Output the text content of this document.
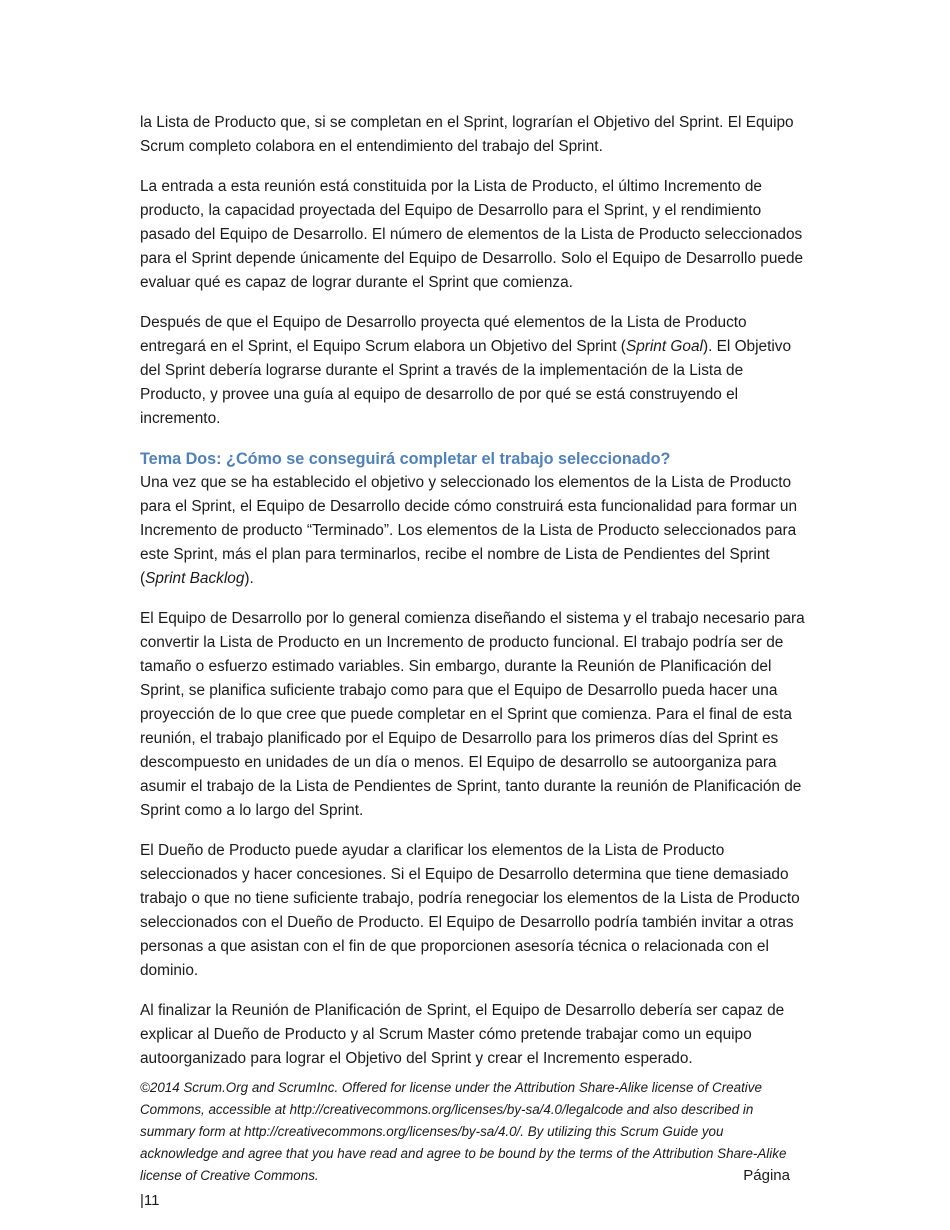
la Lista de Producto que, si se completan en el Sprint, lograrían el Objetivo del Sprint. El Equipo Scrum completo colabora en el entendimiento del trabajo del Sprint.

La entrada a esta reunión está constituida por la Lista de Producto, el último Incremento de producto, la capacidad proyectada del Equipo de Desarrollo para el Sprint, y el rendimiento pasado del Equipo de Desarrollo. El número de elementos de la Lista de Producto seleccionados para el Sprint depende únicamente del Equipo de Desarrollo. Solo el Equipo de Desarrollo puede evaluar qué es capaz de lograr durante el Sprint que comienza.

Después de que el Equipo de Desarrollo proyecta qué elementos de la Lista de Producto entregará en el Sprint, el Equipo Scrum elabora un Objetivo del Sprint (Sprint Goal). El Objetivo del Sprint debería lograrse durante el Sprint a través de la implementación de la Lista de Producto, y provee una guía al equipo de desarrollo de por qué se está construyendo el incremento.

Tema Dos: ¿Cómo se conseguirá completar el trabajo seleccionado?

Una vez que se ha establecido el objetivo y seleccionado los elementos de la Lista de Producto para el Sprint, el Equipo de Desarrollo decide cómo construirá esta funcionalidad para formar un Incremento de producto “Terminado”. Los elementos de la Lista de Producto seleccionados para este Sprint, más el plan para terminarlos, recibe el nombre de Lista de Pendientes del Sprint (Sprint Backlog).

El Equipo de Desarrollo por lo general comienza diseñando el sistema y el trabajo necesario para convertir la Lista de Producto en un Incremento de producto funcional. El trabajo podría ser de tamaño o esfuerzo estimado variables. Sin embargo, durante la Reunión de Planificación del Sprint, se planifica suficiente trabajo como para que el Equipo de Desarrollo pueda hacer una proyección de lo que cree que puede completar en el Sprint que comienza. Para el final de esta reunión, el trabajo planificado por el Equipo de Desarrollo para los primeros días del Sprint es descompuesto en unidades de un día o menos. El Equipo de desarrollo se autoorganiza para asumir el trabajo de la Lista de Pendientes de Sprint, tanto durante la reunión de Planificación de Sprint como a lo largo del Sprint.

El Dueño de Producto puede ayudar a clarificar los elementos de la Lista de Producto seleccionados y hacer concesiones. Si el Equipo de Desarrollo determina que tiene demasiado trabajo o que no tiene suficiente trabajo, podría renegociar los elementos de la Lista de Producto seleccionados con el Dueño de Producto. El Equipo de Desarrollo podría también invitar a otras personas a que asistan con el fin de que proporcionen asesoría técnica o relacionada con el dominio.

Al finalizar la Reunión de Planificación de Sprint, el Equipo de Desarrollo debería ser capaz de explicar al Dueño de Producto y al Scrum Master cómo pretende trabajar como un equipo autoorganizado para lograr el Objetivo del Sprint y crear el Incremento esperado.

©2014 Scrum.Org and ScrumInc. Offered for license under the Attribution Share-Alike license of Creative Commons, accessible at http://creativecommons.org/licenses/by-sa/4.0/legalcode and also described in summary form at http://creativecommons.org/licenses/by-sa/4.0/. By utilizing this Scrum Guide you acknowledge and agree that you have read and agree to be bound by the terms of the Attribution Share-Alike license of Creative Commons.	Página
|11
